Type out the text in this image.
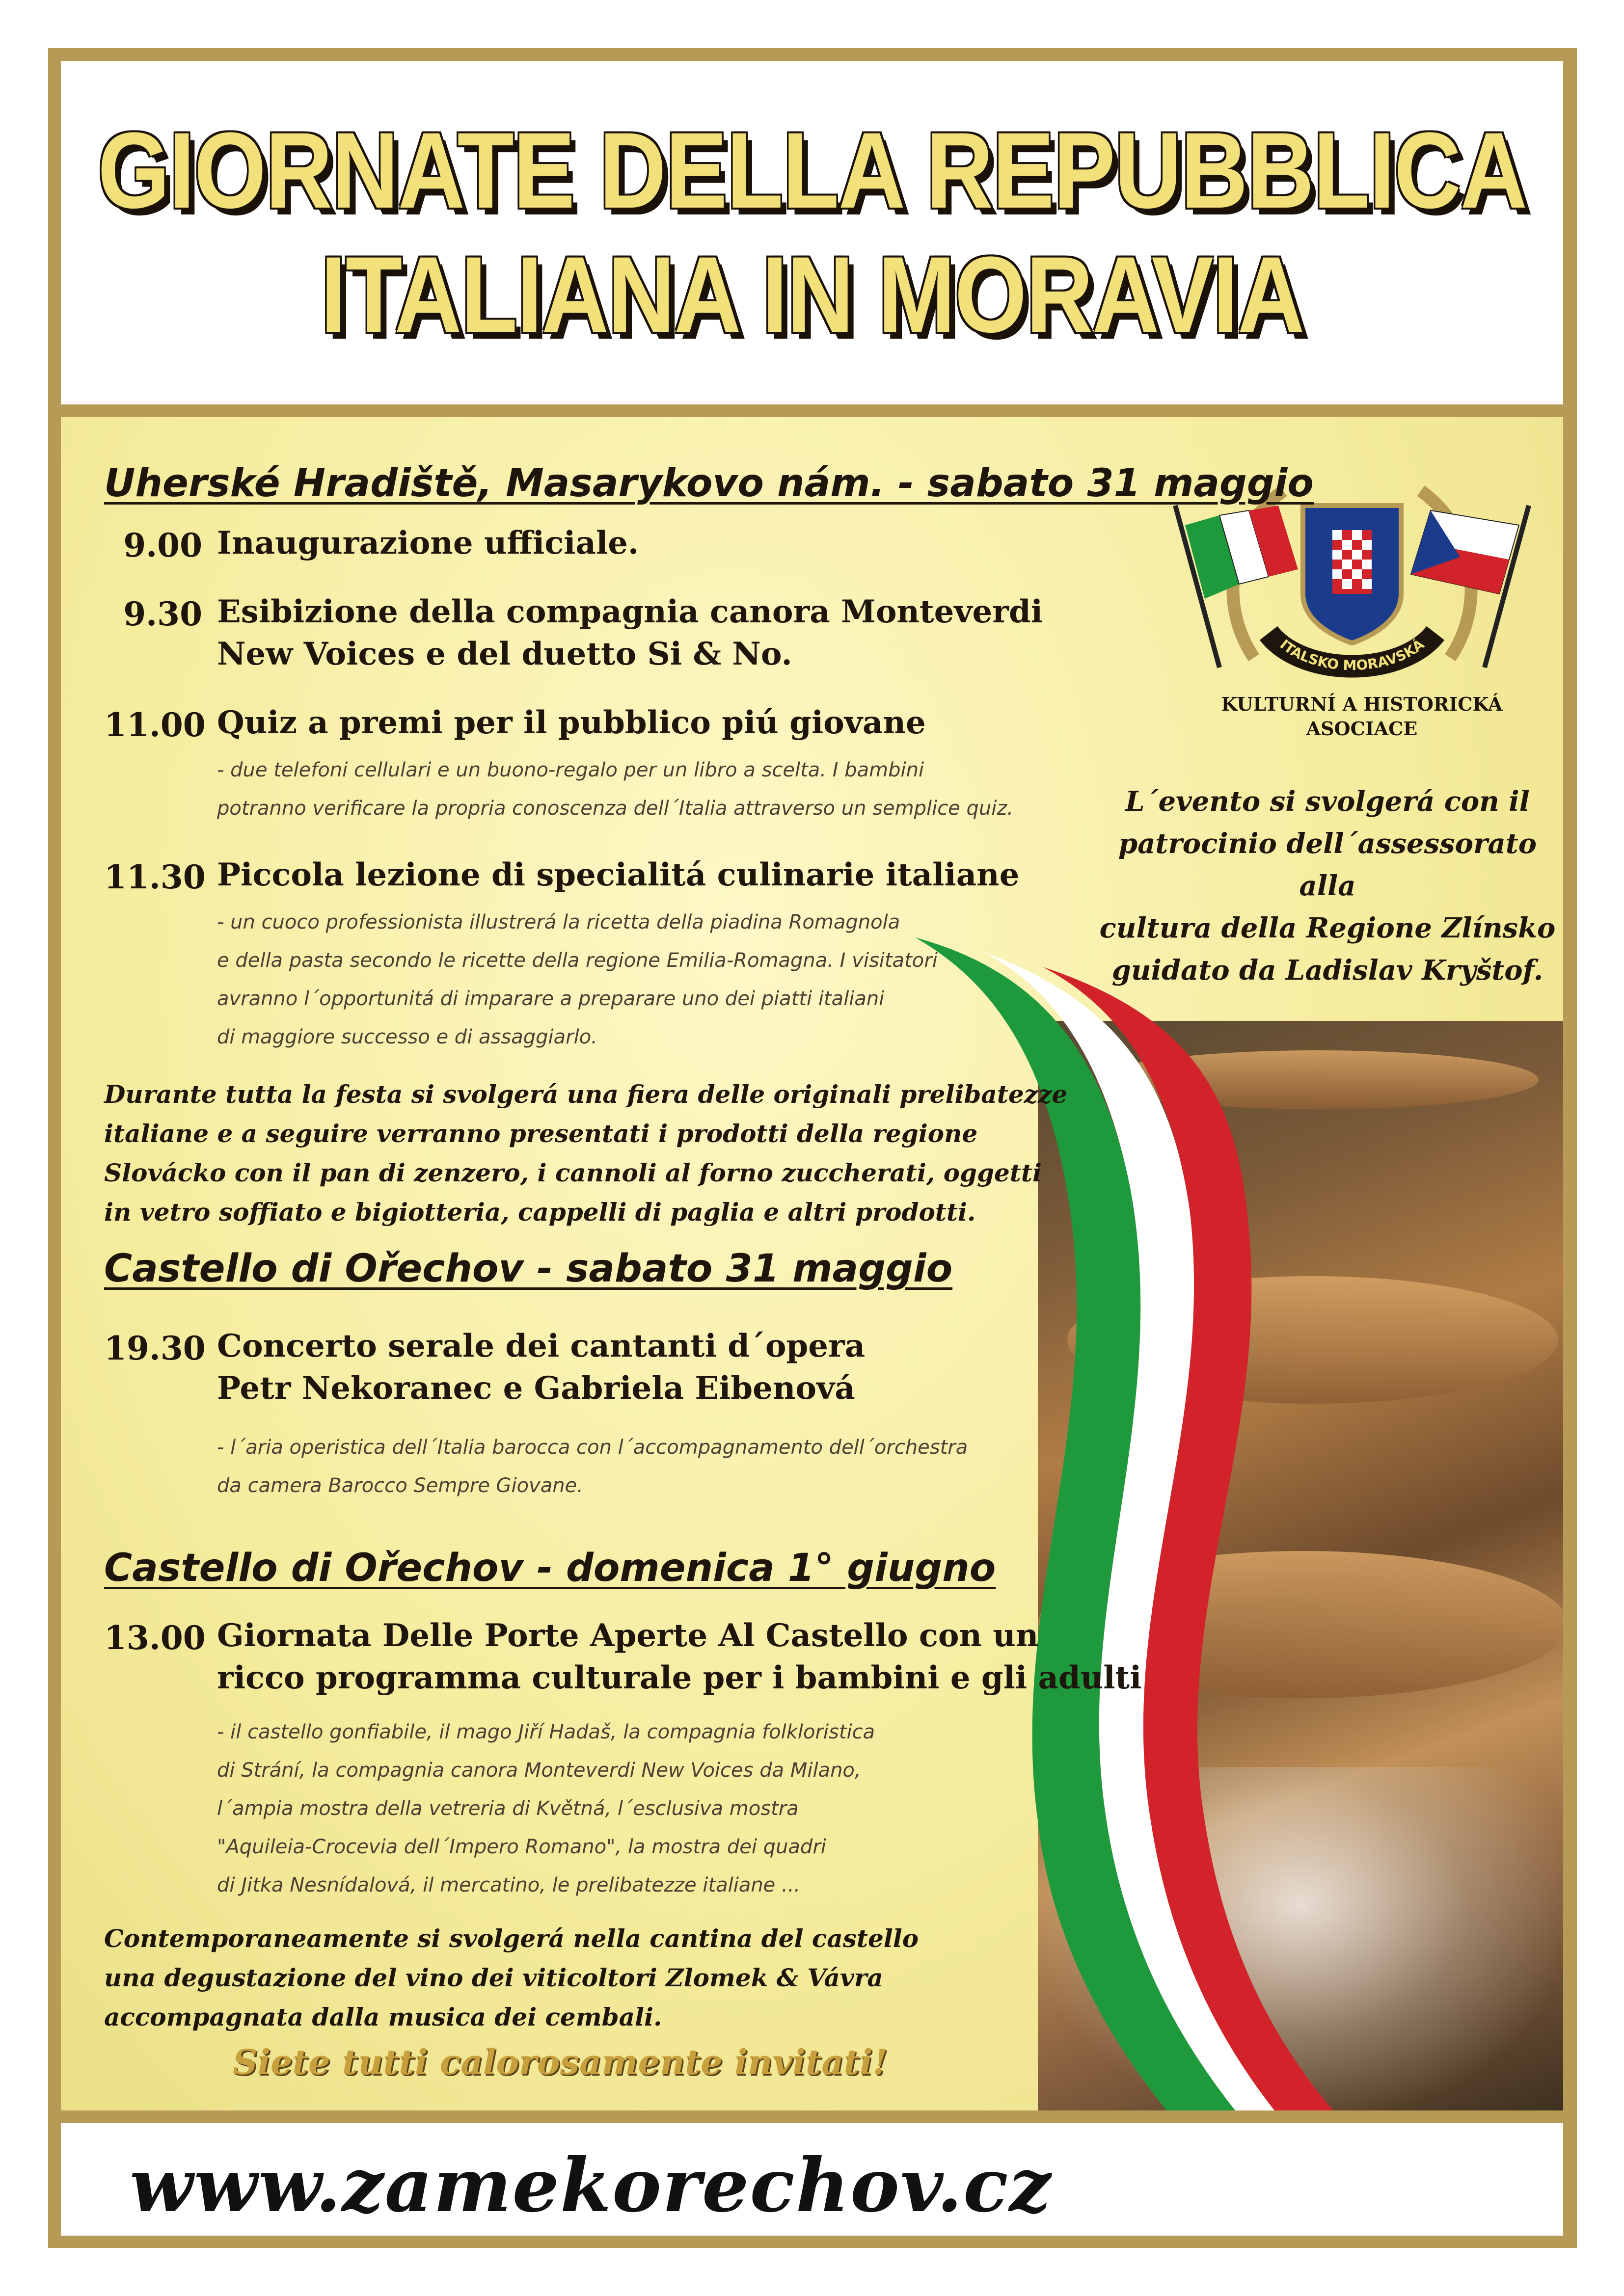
GIORNATE DELLA REPUBBLICA
ITALIANA IN MORAVIA
ITALSKO MORAVSKÁ
KULTURNÍ A HISTORICKÁ
ASOCIACE
L´evento si svolgerá con il
patrocinio dell´assessorato alla
cultura della Regione Zlínsko
guidato da Ladislav Kryštof.
Uherské Hradiště, Masarykovo nám. - sabato 31 maggio
9.00 Inaugurazione ufficiale.
9.30 Esibizione della compagnia canora Monteverdi
New Voices e del duetto Si & No.
11.00 Quiz a premi per il pubblico piú giovane
- due telefoni cellulari e un buono-regalo per un libro a scelta. I bambini
potranno verificare la propria conoscenza dell´Italia attraverso un semplice quiz.
11.30 Piccola lezione di specialitá culinarie italiane
- un cuoco professionista illustrerá la ricetta della piadina Romagnola
e della pasta secondo le ricette della regione Emilia-Romagna. I visitatori
avranno l´opportunitá di imparare a preparare uno dei piatti italiani
di maggiore successo e di assaggiarlo.
Durante tutta la festa si svolgerá una fiera delle originali prelibatezze
italiane e a seguire verranno presentati i prodotti della regione
Slovácko con il pan di zenzero, i cannoli al forno zuccherati, oggetti
in vetro soffiato e bigiotteria, cappelli di paglia e altri prodotti.
Castello di Ořechov - sabato 31 maggio
19.30 Concerto serale dei cantanti d´opera
Petr Nekoranec e Gabriela Eibenová
- l´aria operistica dell´Italia barocca con l´accompagnamento dell´orchestra
da camera Barocco Sempre Giovane.
Castello di Ořechov - domenica 1° giugno
13.00 Giornata Delle Porte Aperte Al Castello con un
ricco programma culturale per i bambini e gli adulti
- il castello gonfiabile, il mago Jiří Hadaš, la compagnia folkloristica
di Strání, la compagnia canora Monteverdi New Voices da Milano,
l´ampia mostra della vetreria di Květná, l´esclusiva mostra
"Aquileia-Crocevia dell´Impero Romano", la mostra dei quadri
di Jitka Nesnídalová, il mercatino, le prelibatezze italiane ...
Contemporaneamente si svolgerá nella cantina del castello
una degustazione del vino dei viticoltori Zlomek & Vávra
accompagnata dalla musica dei cembali.
Siete tutti calorosamente invitati!
www.zamekorechov.cz
